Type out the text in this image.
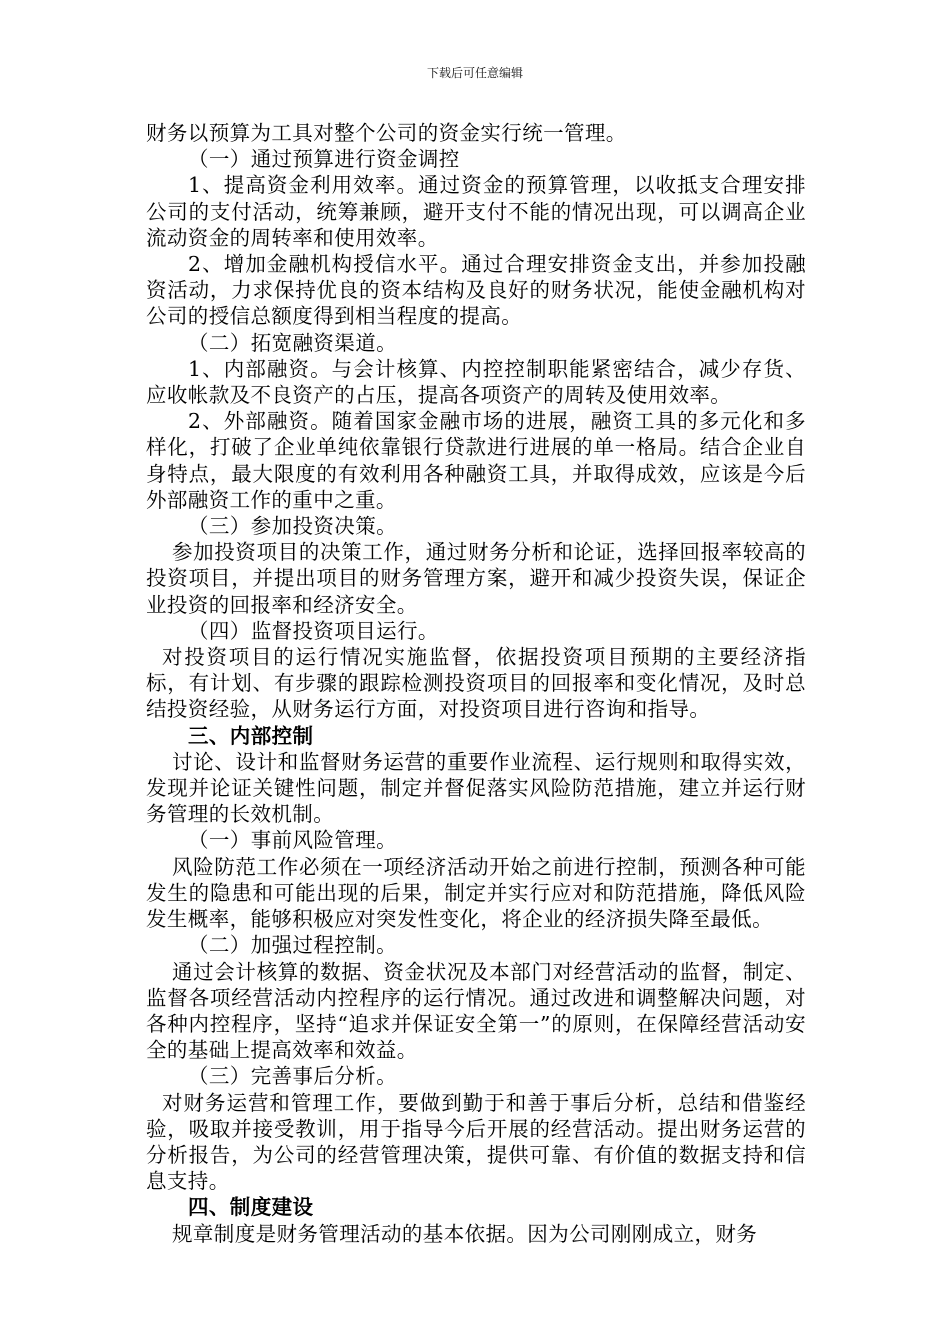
下载后可任意编辑

财务以预算为工具对整个公司的资金实行统一管理。

（一）通过预算进行资金调控

1、提高资金利用效率。通过资金的预算管理，以收抵支合理安排公司的支付活动，统筹兼顾，避开支付不能的情况出现，可以调高企业流动资金的周转率和使用效率。

2、增加金融机构授信水平。通过合理安排资金支出，并参加投融资活动，力求保持优良的资本结构及良好的财务状况，能使金融机构对公司的授信总额度得到相当程度的提高。

（二）拓宽融资渠道。

1、内部融资。与会计核算、内控控制职能紧密结合，减少存货、应收帐款及不良资产的占压，提高各项资产的周转及使用效率。

2、外部融资。随着国家金融市场的进展，融资工具的多元化和多样化，打破了企业单纯依靠银行贷款进行进展的单一格局。结合企业自身特点，最大限度的有效利用各种融资工具，并取得成效，应该是今后外部融资工作的重中之重。

（三）参加投资决策。

参加投资项目的决策工作，通过财务分析和论证，选择回报率较高的投资项目，并提出项目的财务管理方案，避开和减少投资失误，保证企业投资的回报率和经济安全。

（四）监督投资项目运行。

对投资项目的运行情况实施监督，依据投资项目预期的主要经济指标，有计划、有步骤的跟踪检测投资项目的回报率和变化情况，及时总结投资经验，从财务运行方面，对投资项目进行咨询和指导。

三、内部控制

讨论、设计和监督财务运营的重要作业流程、运行规则和取得实效，发现并论证关键性问题，制定并督促落实风险防范措施，建立并运行财务管理的长效机制。

（一）事前风险管理。

风险防范工作必须在一项经济活动开始之前进行控制，预测各种可能发生的隐患和可能出现的后果，制定并实行应对和防范措施，降低风险发生概率，能够积极应对突发性变化，将企业的经济损失降至最低。

（二）加强过程控制。

通过会计核算的数据、资金状况及本部门对经营活动的监督，制定、监督各项经营活动内控程序的运行情况。通过改进和调整解决问题，对各种内控程序，坚持“追求并保证安全第一”的原则，在保障经营活动安全的基础上提高效率和效益。

（三）完善事后分析。

对财务运营和管理工作，要做到勤于和善于事后分析，总结和借鉴经验，吸取并接受教训，用于指导今后开展的经营活动。提出财务运营的分析报告，为公司的经营管理决策，提供可靠、有价值的数据支持和信息支持。

四、制度建设

规章制度是财务管理活动的基本依据。因为公司刚刚成立，财务
